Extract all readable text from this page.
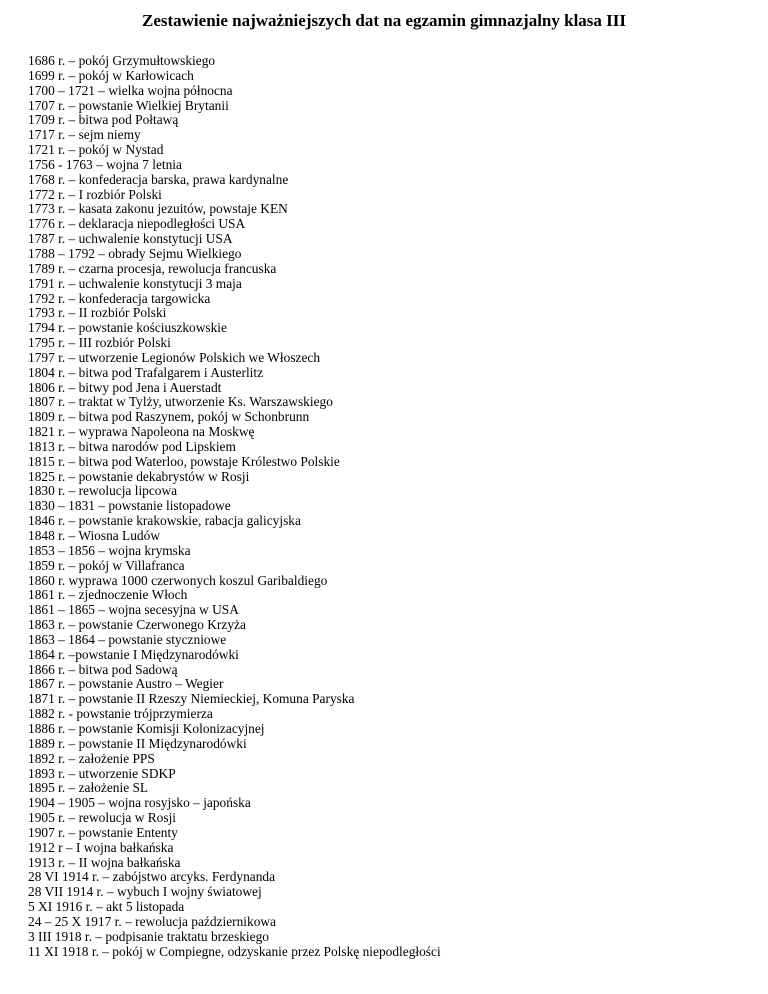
Zestawienie najważniejszych dat na egzamin gimnazjalny klasa III
1686 r. – pokój Grzymułtowskiego
1699 r. – pokój w Karłowicach
1700 – 1721 – wielka wojna północna
1707 r. – powstanie Wielkiej Brytanii
1709 r. – bitwa pod Połtawą
1717 r. – sejm niemy
1721 r. – pokój w Nystad
1756 - 1763 – wojna 7 letnia
1768 r. – konfederacja barska, prawa kardynalne
1772 r. – I rozbiór Polski
1773 r. – kasata zakonu jezuitów, powstaje KEN
1776 r. – deklaracja niepodległości USA
1787 r. – uchwalenie konstytucji USA
1788 – 1792 – obrady Sejmu Wielkiego
1789 r. – czarna procesja, rewolucja francuska
1791 r. – uchwalenie konstytucji 3 maja
1792 r. – konfederacja targowicka
1793 r. – II rozbiór Polski
1794 r. – powstanie kościuszkowskie
1795 r. – III rozbiór Polski
1797 r. – utworzenie Legionów Polskich we Włoszech
1804 r. – bitwa pod Trafalgarem i Austerlitz
1806 r. – bitwy pod Jena i Auerstadt
1807 r. – traktat w Tylży, utworzenie Ks. Warszawskiego
1809 r. – bitwa pod Raszynem, pokój w Schonbrunn
1821 r. – wyprawa Napoleona na Moskwę
1813 r. – bitwa narodów pod Lipskiem
1815 r. – bitwa pod Waterloo, powstaje Królestwo Polskie
1825 r. – powstanie dekabrystów w Rosji
1830 r. – rewolucja lipcowa
1830 – 1831 – powstanie listopadowe
1846 r. – powstanie krakowskie, rabacja galicyjska
1848 r. – Wiosna Ludów
1853 – 1856 – wojna krymska
1859 r. – pokój w Villafranca
1860 r. wyprawa 1000 czerwonych koszul Garibaldiego
1861 r. – zjednoczenie Włoch
1861 – 1865 – wojna secesyjna w USA
1863 r. – powstanie Czerwonego Krzyża
1863 – 1864 – powstanie styczniowe
1864 r. –powstanie I Międzynarodówki
1866 r. – bitwa pod Sadową
1867 r. – powstanie Austro – Wegier
1871 r. – powstanie II Rzeszy Niemieckiej, Komuna Paryska
1882 r. - powstanie trójprzymierza
1886 r. – powstanie Komisji Kolonizacyjnej
1889 r. – powstanie II Międzynarodówki
1892 r. – założenie PPS
1893 r. – utworzenie SDKP
1895 r. – założenie SL
1904 – 1905 – wojna rosyjsko – japońska
1905 r. – rewolucja w Rosji
1907 r. – powstanie Ententy
1912 r – I wojna bałkańska
1913 r. – II wojna bałkańska
28 VI 1914 r. – zabójstwo arcyks. Ferdynanda
28 VII 1914 r. – wybuch I wojny światowej
5 XI 1916 r. – akt 5 listopada
24 – 25 X 1917 r. – rewolucja październikowa
3 III 1918 r. – podpisanie traktatu brzeskiego
11 XI 1918 r. – pokój w Compiegne, odzyskanie przez Polskę niepodległości
